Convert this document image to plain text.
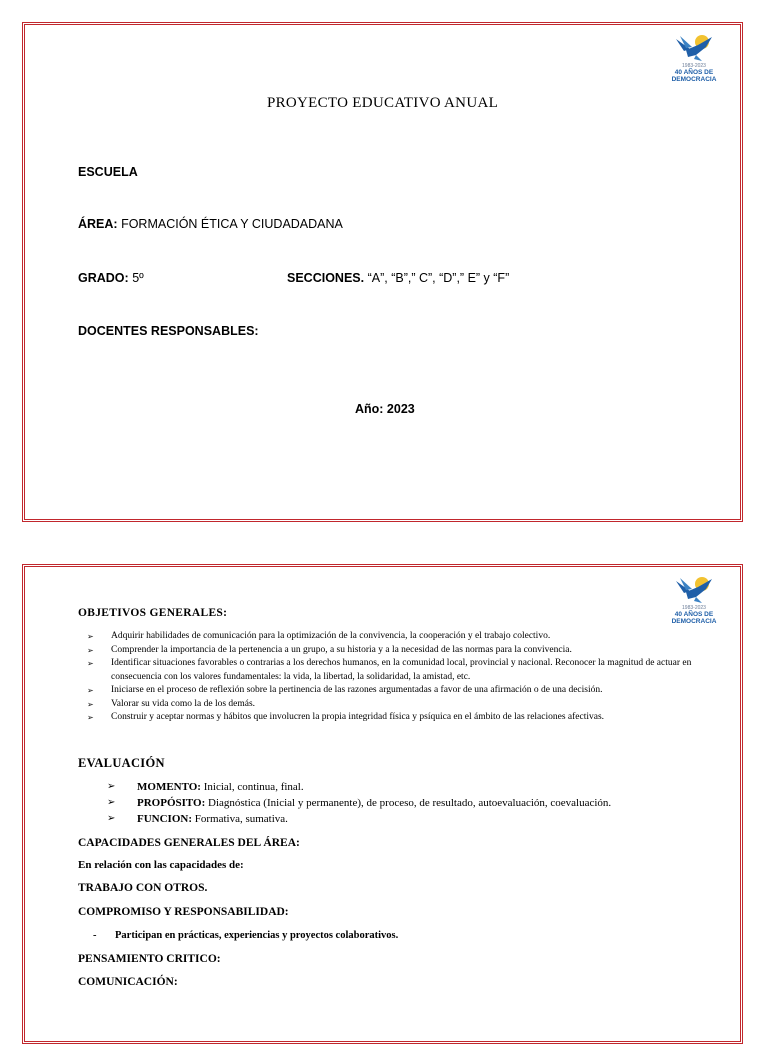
1983-2023
40 AÑOS DE
DEMOCRACIA
PROYECTO EDUCATIVO ANUAL
ESCUELA
ÁREA: FORMACIÓN ÉTICA Y CIUDADADANA
GRADO: 5º	SECCIONES. “A”, “B”,” C”, “D”,” E” y “F”
DOCENTES RESPONSABLES:
Año: 2023
1983-2023
40 AÑOS DE
DEMOCRACIA
OBJETIVOS GENERALES:
➢ Adquirir habilidades de comunicación para la optimización de la convivencia, la cooperación y el trabajo colectivo.
➢ Comprender la importancia de la pertenencia a un grupo, a su historia y a la necesidad de las normas para la convivencia.
➢ Identificar situaciones favorables o contrarias a los derechos humanos, en la comunidad local, provincial y nacional. Reconocer la magnitud de actuar en consecuencia con los valores fundamentales: la vida, la libertad, la solidaridad, la amistad, etc.
➢ Iniciarse en el proceso de reflexión sobre la pertinencia de las razones argumentadas a favor de una afirmación o de una decisión.
➢ Valorar su vida como la de los demás.
➢ Construir y aceptar normas y hábitos que involucren la propia integridad física y psíquica en el ámbito de las relaciones afectivas.
EVALUACIÓN
➢ MOMENTO: Inicial, continua, final.
➢ PROPÓSITO: Diagnóstica (Inicial y permanente), de proceso, de resultado, autoevaluación, coevaluación.
➢ FUNCION: Formativa, sumativa.
CAPACIDADES GENERALES DEL ÁREA:
En relación con las capacidades de:
TRABAJO CON OTROS.
COMPROMISO Y RESPONSABILIDAD:
- Participan en prácticas, experiencias y proyectos colaborativos.
PENSAMIENTO CRITICO:
COMUNICACIÓN:
